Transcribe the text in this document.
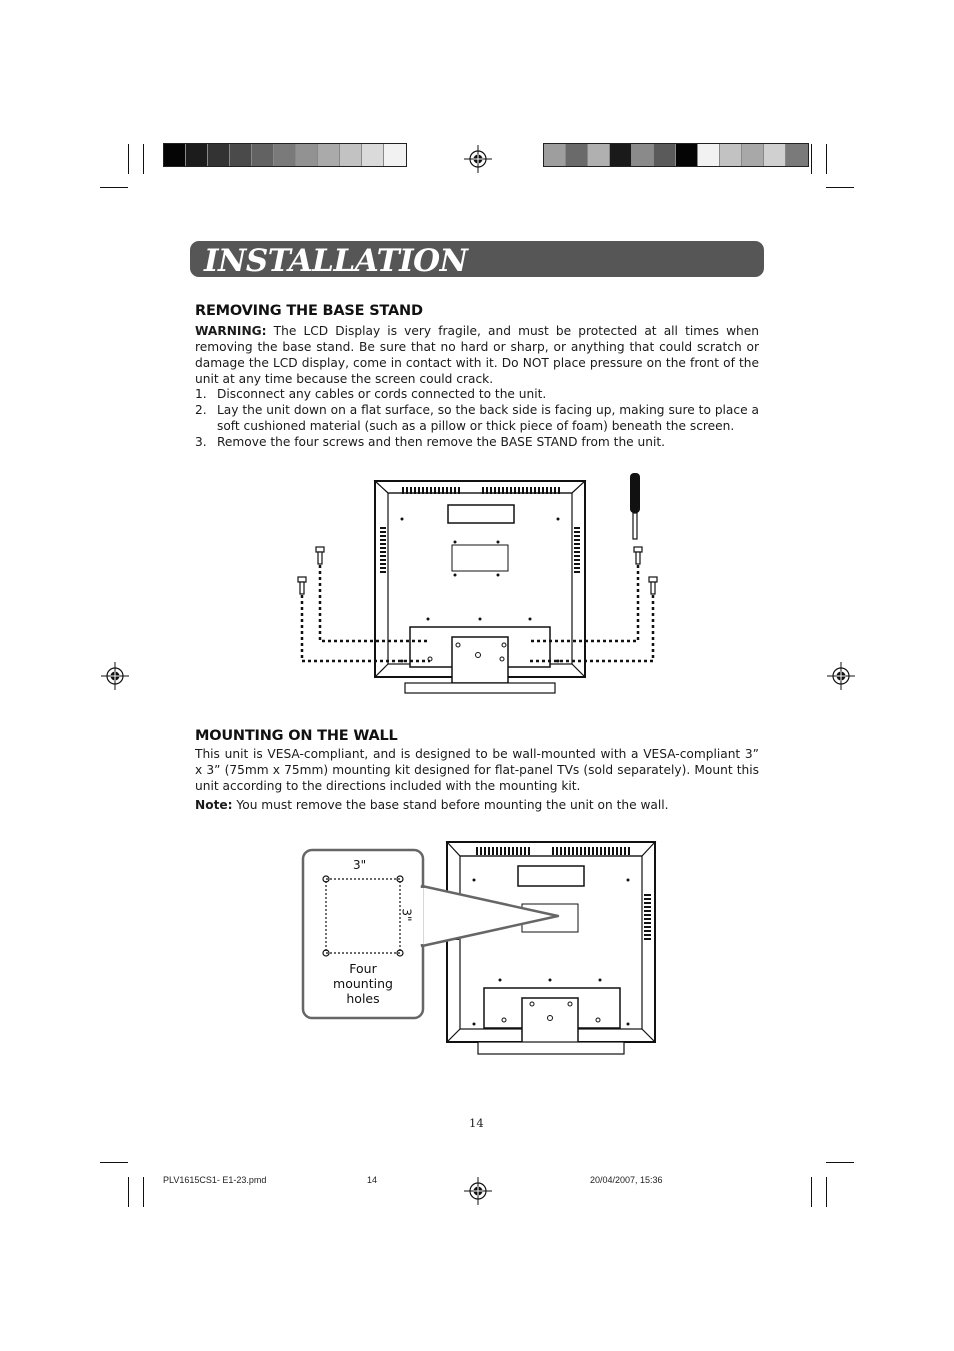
INSTALLATION
REMOVING THE BASE STAND

WARNING: The LCD Display is very fragile, and must be protected at all times when removing the base stand. Be sure that no hard or sharp, or anything that could scratch or damage the LCD display, come in contact with it. Do NOT place pressure on the front of the unit at any time because the screen could crack.

1. Disconnect any cables or cords connected to the unit.
2. Lay the unit down on a flat surface, so the back side is facing up, making sure to place a soft cushioned material (such as a pillow or thick piece of foam) beneath the screen.
3. Remove the four screws and then remove the BASE STAND from the unit.
MOUNTING ON THE WALL

This unit is VESA-compliant, and is designed to be wall-mounted with a VESA-compliant 3” x 3” (75mm x 75mm) mounting kit designed for flat-panel TVs (sold separately). Mount this unit according to the directions included with the mounting kit.

Note: You must remove the base stand before mounting the unit on the wall.

3"
3"
Four
mounting
holes
14
PLV1615CS1- E1-23.pmd	14	20/04/2007, 15:36
